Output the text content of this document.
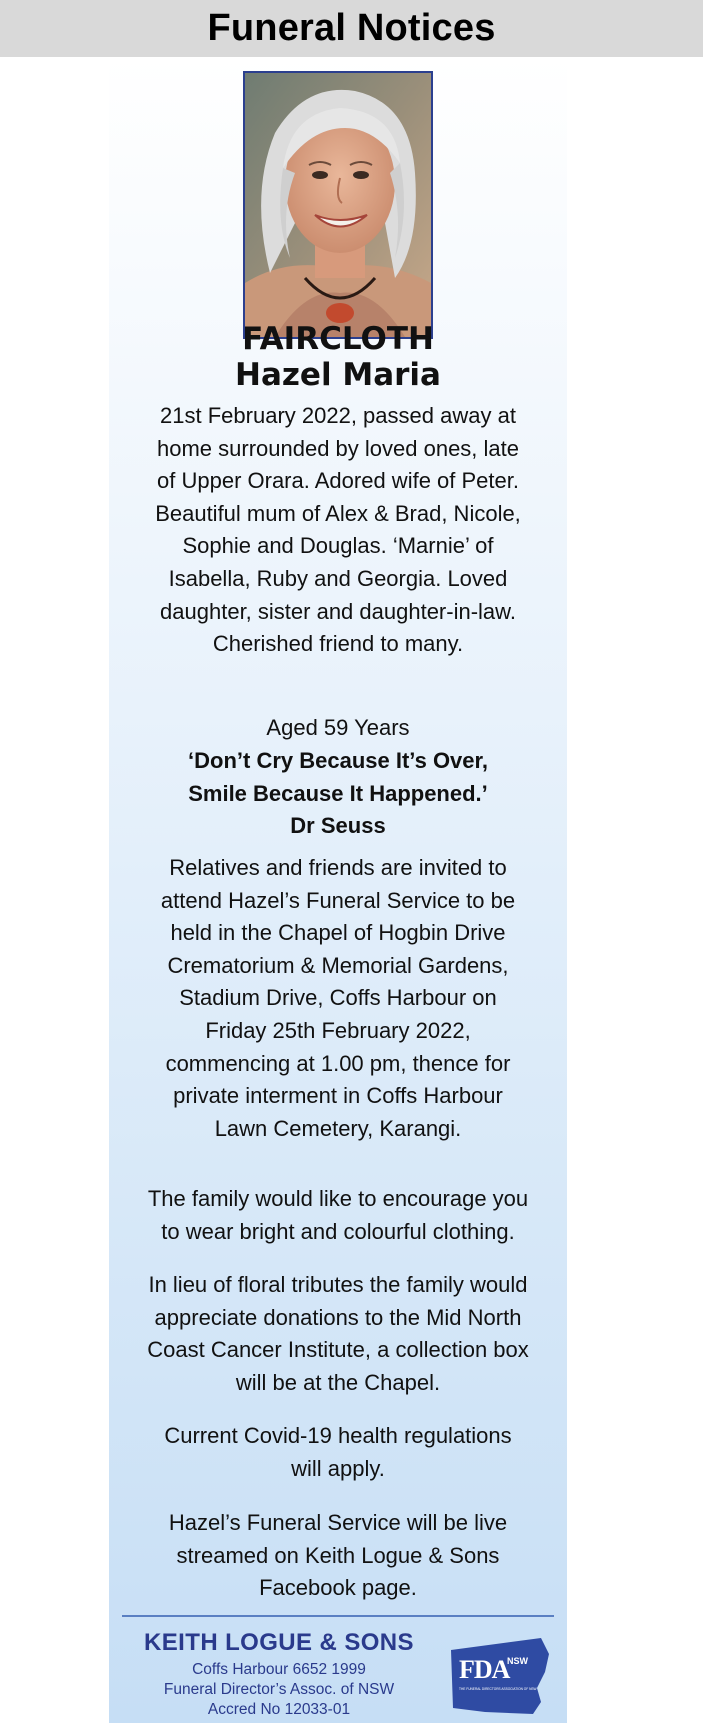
Funeral Notices
FAIRCLOTH
Hazel Maria
21st February 2022, passed away at
home surrounded by loved ones, late
of Upper Orara. Adored wife of Peter.
Beautiful mum of Alex & Brad, Nicole,
Sophie and Douglas. ‘Marnie’ of
Isabella, Ruby and Georgia. Loved
daughter, sister and daughter-in-law.
Cherished friend to many.
Aged 59 Years
‘Don’t Cry Because It’s Over,
Smile Because It Happened.’
Dr Seuss
Relatives and friends are invited to
attend Hazel’s Funeral Service to be
held in the Chapel of Hogbin Drive
Crematorium & Memorial Gardens,
Stadium Drive, Coffs Harbour on
Friday 25th February 2022,
commencing at 1.00 pm, thence for
private interment in Coffs Harbour
Lawn Cemetery, Karangi.
The family would like to encourage you
to wear bright and colourful clothing.
In lieu of floral tributes the family would
appreciate donations to the Mid North
Coast Cancer Institute, a collection box
will be at the Chapel.
Current Covid-19 health regulations
will apply.
Hazel’s Funeral Service will be live
streamed on Keith Logue & Sons
Facebook page.
KEITH LOGUE & SONS
Coffs Harbour 6652 1999
Funeral Director’s Assoc. of NSW
Accred No 12033-01
FDA
NSW
THE FUNERAL DIRECTORS ASSOCIATION OF NSW
